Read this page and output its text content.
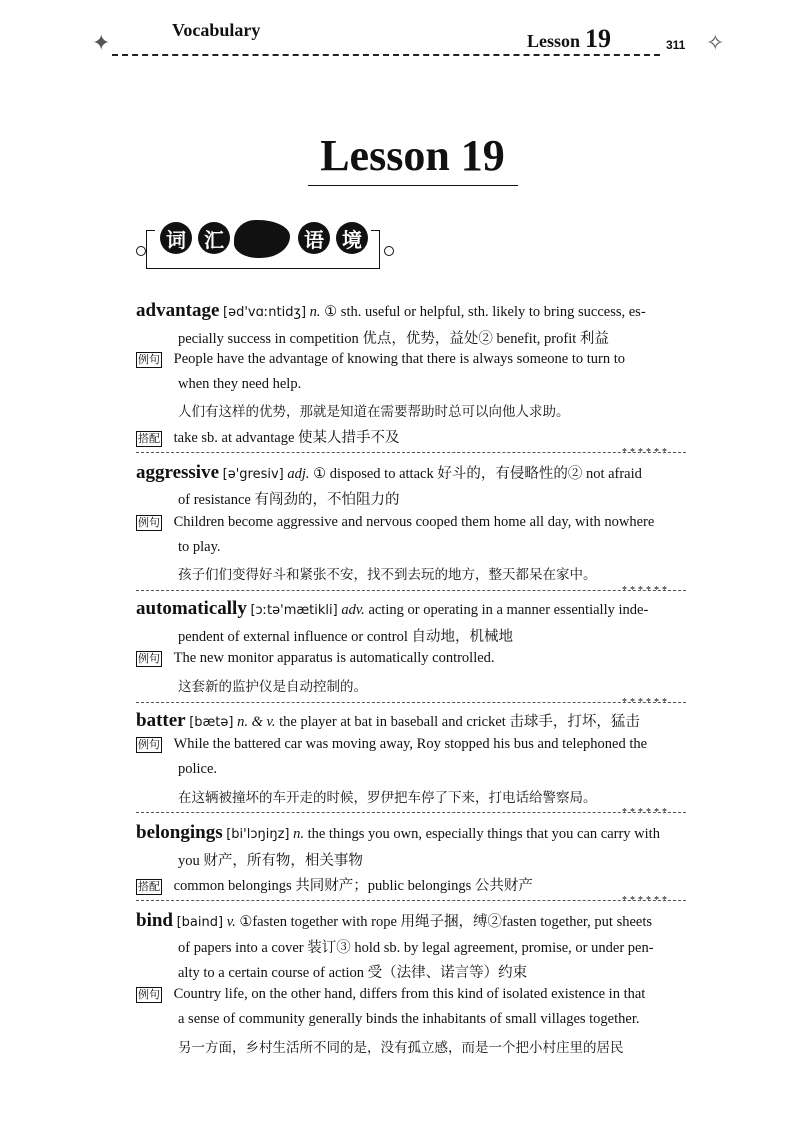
✦	✧
Vocabulary
Lesson 19	311
Lesson 19
词 汇	语 境
advantage [əd'vɑːntidʒ] n. ① sth. useful or helpful, sth. likely to bring success, es-
pecially success in competition 优点，优势，益处② benefit, profit 利益
例句 People have the advantage of knowing that there is always someone to turn to
when they need help.
人们有这样的优势，那就是知道在需要帮助时总可以向他人求助。
搭配 take sb. at advantage 使某人措手不及
******
aggressive [ə'gresiv] adj. ① disposed to attack 好斗的，有侵略性的② not afraid
of resistance 有闯劲的，不怕阻力的
例句 Children become aggressive and nervous cooped them home all day, with nowhere
to play.
孩子们们变得好斗和紧张不安，找不到去玩的地方，整天都呆在家中。
******
automatically [ɔːtə'mætikli] adv. acting or operating in a manner essentially inde-
pendent of external influence or control 自动地，机械地
例句 The new monitor apparatus is automatically controlled.
这套新的监护仪是自动控制的。
******
batter [bætə] n. & v. the player at bat in baseball and cricket 击球手，打坏，猛击
例句 While the battered car was moving away, Roy stopped his bus and telephoned the
police.
在这辆被撞坏的车开走的时候，罗伊把车停了下来，打电话给警察局。
******
belongings [bi'lɔŋiŋz] n. the things you own, especially things that you can carry with
you 财产，所有物，相关事物
搭配 common belongings 共同财产；public belongings 公共财产
******
bind [baind] v. ①fasten together with rope 用绳子捆，缚②fasten together, put sheets
of papers into a cover 装订③ hold sb. by legal agreement, promise, or under pen-
alty to a certain course of action 受（法律、诺言等）约束
例句 Country life, on the other hand, differs from this kind of isolated existence in that
a sense of community generally binds the inhabitants of small villages together.
另一方面，乡村生活所不同的是，没有孤立感，而是一个把小村庄里的居民
